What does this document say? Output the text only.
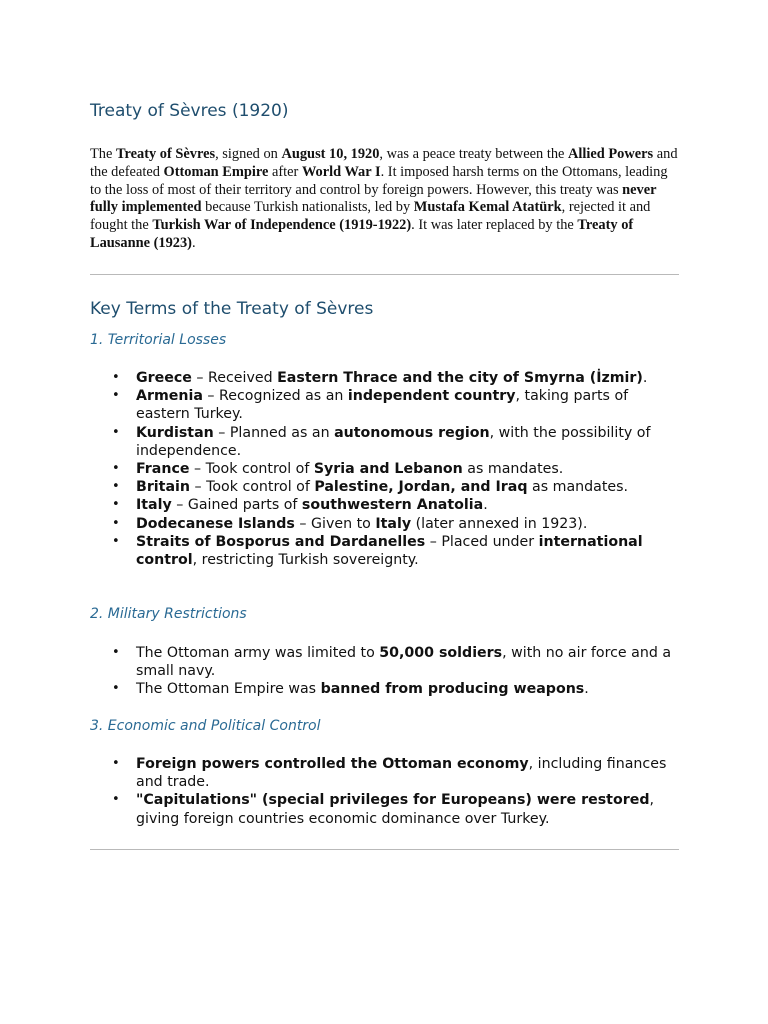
Treaty of Sèvres (1920)

The Treaty of Sèvres, signed on August 10, 1920, was a peace treaty between the Allied Powers and the defeated Ottoman Empire after World War I. It imposed harsh terms on the Ottomans, leading to the loss of most of their territory and control by foreign powers. However, this treaty was never fully implemented because Turkish nationalists, led by Mustafa Kemal Atatürk, rejected it and fought the Turkish War of Independence (1919-1922). It was later replaced by the Treaty of Lausanne (1923).

Key Terms of the Treaty of Sèvres
1. Territorial Losses
• Greece – Received Eastern Thrace and the city of Smyrna (İzmir).
• Armenia – Recognized as an independent country, taking parts of eastern Turkey.
• Kurdistan – Planned as an autonomous region, with the possibility of independence.
• France – Took control of Syria and Lebanon as mandates.
• Britain – Took control of Palestine, Jordan, and Iraq as mandates.
• Italy – Gained parts of southwestern Anatolia.
• Dodecanese Islands – Given to Italy (later annexed in 1923).
• Straits of Bosporus and Dardanelles – Placed under international control, restricting Turkish sovereignty.
2. Military Restrictions
• The Ottoman army was limited to 50,000 soldiers, with no air force and a small navy.
• The Ottoman Empire was banned from producing weapons.
3. Economic and Political Control
• Foreign powers controlled the Ottoman economy, including finances and trade.
• "Capitulations" (special privileges for Europeans) were restored, giving foreign countries economic dominance over Turkey.
